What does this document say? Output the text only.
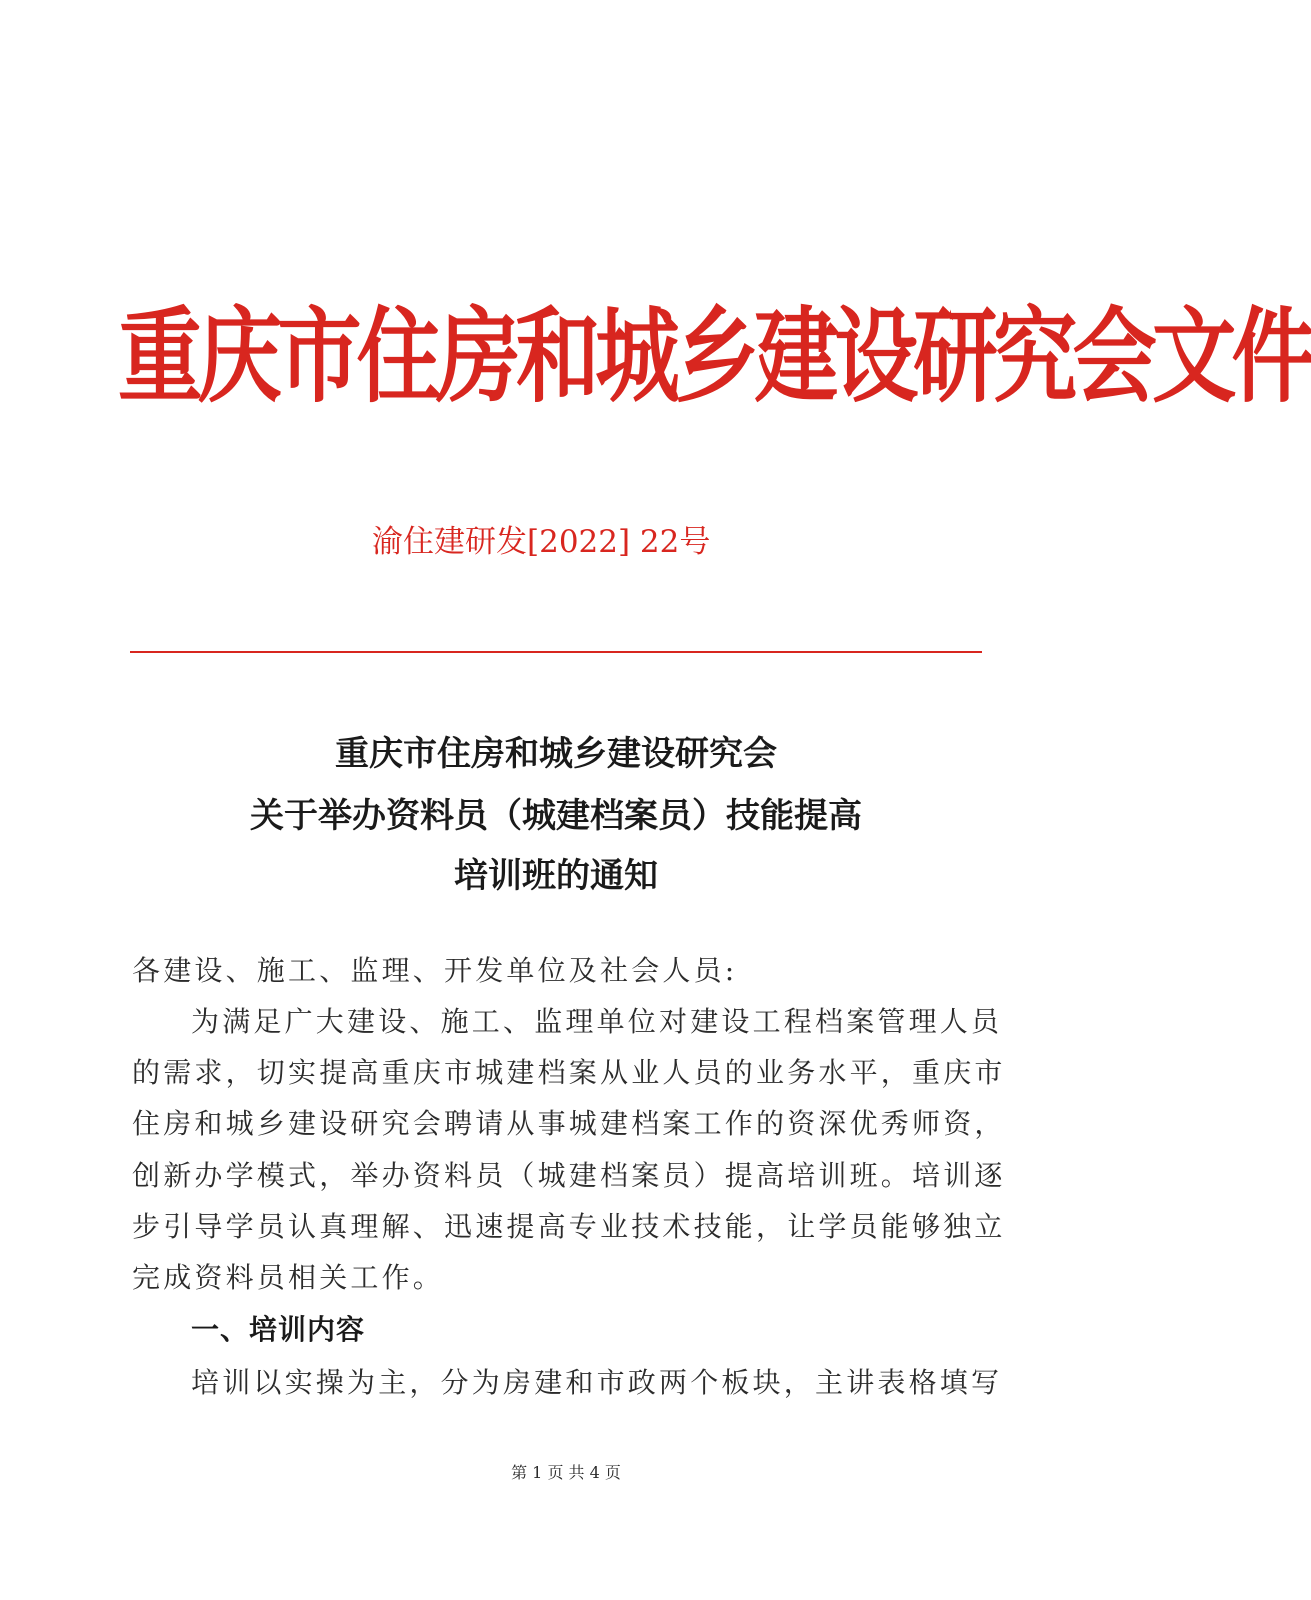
重庆市住房和城乡建设研究会文件
渝住建研发[2022] 22号
重庆市住房和城乡建设研究会
关于举办资料员（城建档案员）技能提高
培训班的通知
各建设、施工、监理、开发单位及社会人员:
为满足广大建设、施工、监理单位对建设工程档案管理人员
的需求，切实提高重庆市城建档案从业人员的业务水平，重庆市
住房和城乡建设研究会聘请从事城建档案工作的资深优秀师资，
创新办学模式，举办资料员（城建档案员）提高培训班。培训逐
步引导学员认真理解、迅速提高专业技术技能，让学员能够独立
完成资料员相关工作。
一、培训内容
培训以实操为主，分为房建和市政两个板块，主讲表格填写
第 1 页 共 4 页
